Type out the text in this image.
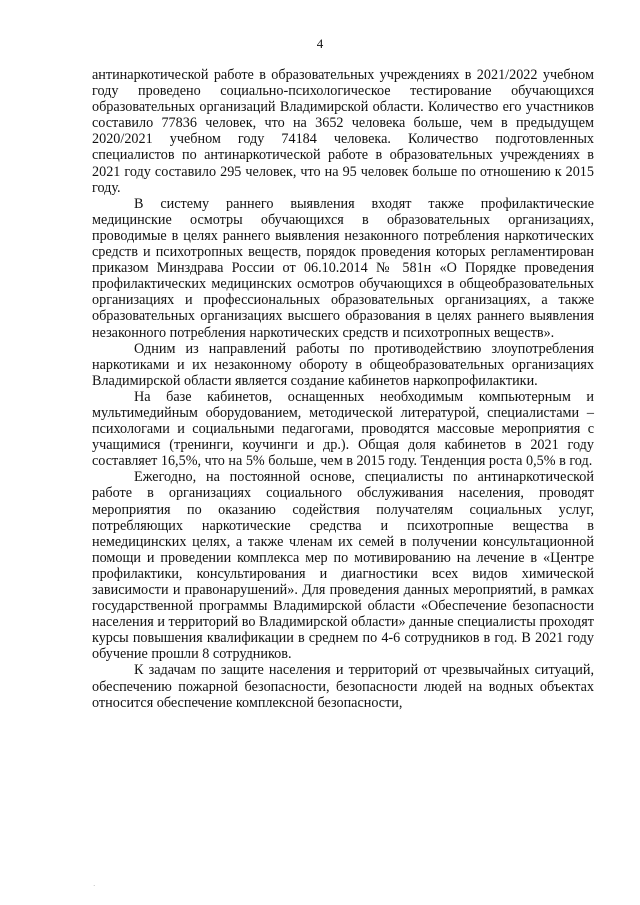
4

антинаркотической работе в образовательных учреждениях в 2021/2022 учебном году проведено социально-психологическое тестирование обучающихся образовательных организаций Владимирской области. Количество его участников составило 77836 человек, что на 3652 человека больше, чем в предыдущем 2020/2021 учебном году 74184 человека. Количество подготовленных специалистов по антинаркотической работе в образовательных учреждениях в 2021 году составило 295 человек, что на 95 человек больше по отношению к 2015 году.

В систему раннего выявления входят также профилактические медицинские осмотры обучающихся в образовательных организациях, проводимые в целях раннего выявления незаконного потребления наркотических средств и психотропных веществ, порядок проведения которых регламентирован приказом Минздрава России от 06.10.2014 № 581н «О Порядке проведения профилактических медицинских осмотров обучающихся в общеобразовательных организациях и профессиональных образовательных организациях, а также образовательных организациях высшего образования в целях раннего выявления незаконного потребления наркотических средств и психотропных веществ».

Одним из направлений работы по противодействию злоупотребления наркотиками и их незаконному обороту в общеобразовательных организациях Владимирской области является создание кабинетов наркопрофилактики.

На базе кабинетов, оснащенных необходимым компьютерным и мультимедийным оборудованием, методической литературой, специалистами – психологами и социальными педагогами, проводятся массовые мероприятия с учащимися (тренинги, коучинги и др.). Общая доля кабинетов в 2021 году составляет 16,5%, что на 5% больше, чем в 2015 году. Тенденция роста 0,5% в год.

Ежегодно, на постоянной основе, специалисты по антинаркотической работе в организациях социального обслуживания населения, проводят мероприятия по оказанию содействия получателям социальных услуг, потребляющих наркотические средства и психотропные вещества в немедицинских целях, а также членам их семей в получении консультационной помощи и проведении комплекса мер по мотивированию на лечение в «Центре профилактики, консультирования и диагностики всех видов химической зависимости и правонарушений». Для проведения данных мероприятий, в рамках государственной программы Владимирской области «Обеспечение безопасности населения и территорий во Владимирской области» данные специалисты проходят курсы повышения квалификации в среднем по 4-6 сотрудников в год. В 2021 году обучение прошли 8 сотрудников.

К задачам по защите населения и территорий от чрезвычайных ситуаций, обеспечению пожарной безопасности, безопасности людей на водных объектах относится обеспечение комплексной безопасности,

·
